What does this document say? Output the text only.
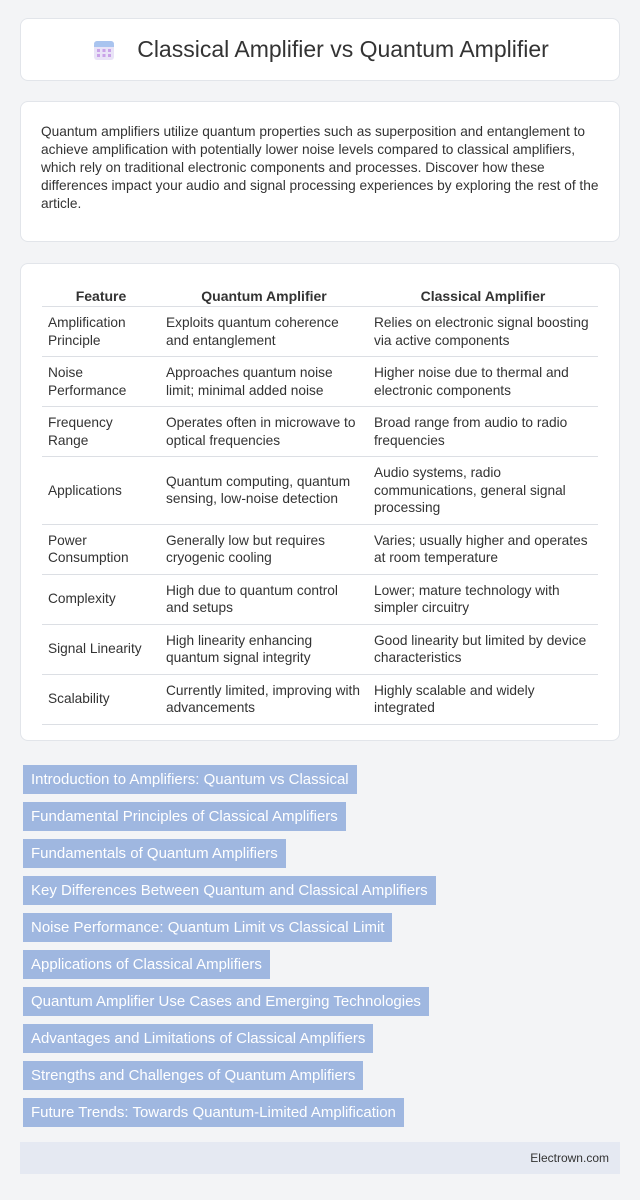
Classical Amplifier vs Quantum Amplifier

Quantum amplifiers utilize quantum properties such as superposition and entanglement to achieve amplification with potentially lower noise levels compared to classical amplifiers, which rely on traditional electronic components and processes. Discover how these differences impact your audio and signal processing experiences by exploring the rest of the article.

Feature	Quantum Amplifier	Classical Amplifier
Amplification Principle	Exploits quantum coherence and entanglement	Relies on electronic signal boosting via active components
Noise Performance	Approaches quantum noise limit; minimal added noise	Higher noise due to thermal and electronic components
Frequency Range	Operates often in microwave to optical frequencies	Broad range from audio to radio frequencies
Applications	Quantum computing, quantum sensing, low-noise detection	Audio systems, radio communications, general signal processing
Power Consumption	Generally low but requires cryogenic cooling	Varies; usually higher and operates at room temperature
Complexity	High due to quantum control and setups	Lower; mature technology with simpler circuitry
Signal Linearity	High linearity enhancing quantum signal integrity	Good linearity but limited by device characteristics
Scalability	Currently limited, improving with advancements	Highly scalable and widely integrated
Introduction to Amplifiers: Quantum vs Classical
Fundamental Principles of Classical Amplifiers
Fundamentals of Quantum Amplifiers
Key Differences Between Quantum and Classical Amplifiers
Noise Performance: Quantum Limit vs Classical Limit
Applications of Classical Amplifiers
Quantum Amplifier Use Cases and Emerging Technologies
Advantages and Limitations of Classical Amplifiers
Strengths and Challenges of Quantum Amplifiers
Future Trends: Towards Quantum-Limited Amplification
Electrown.com
